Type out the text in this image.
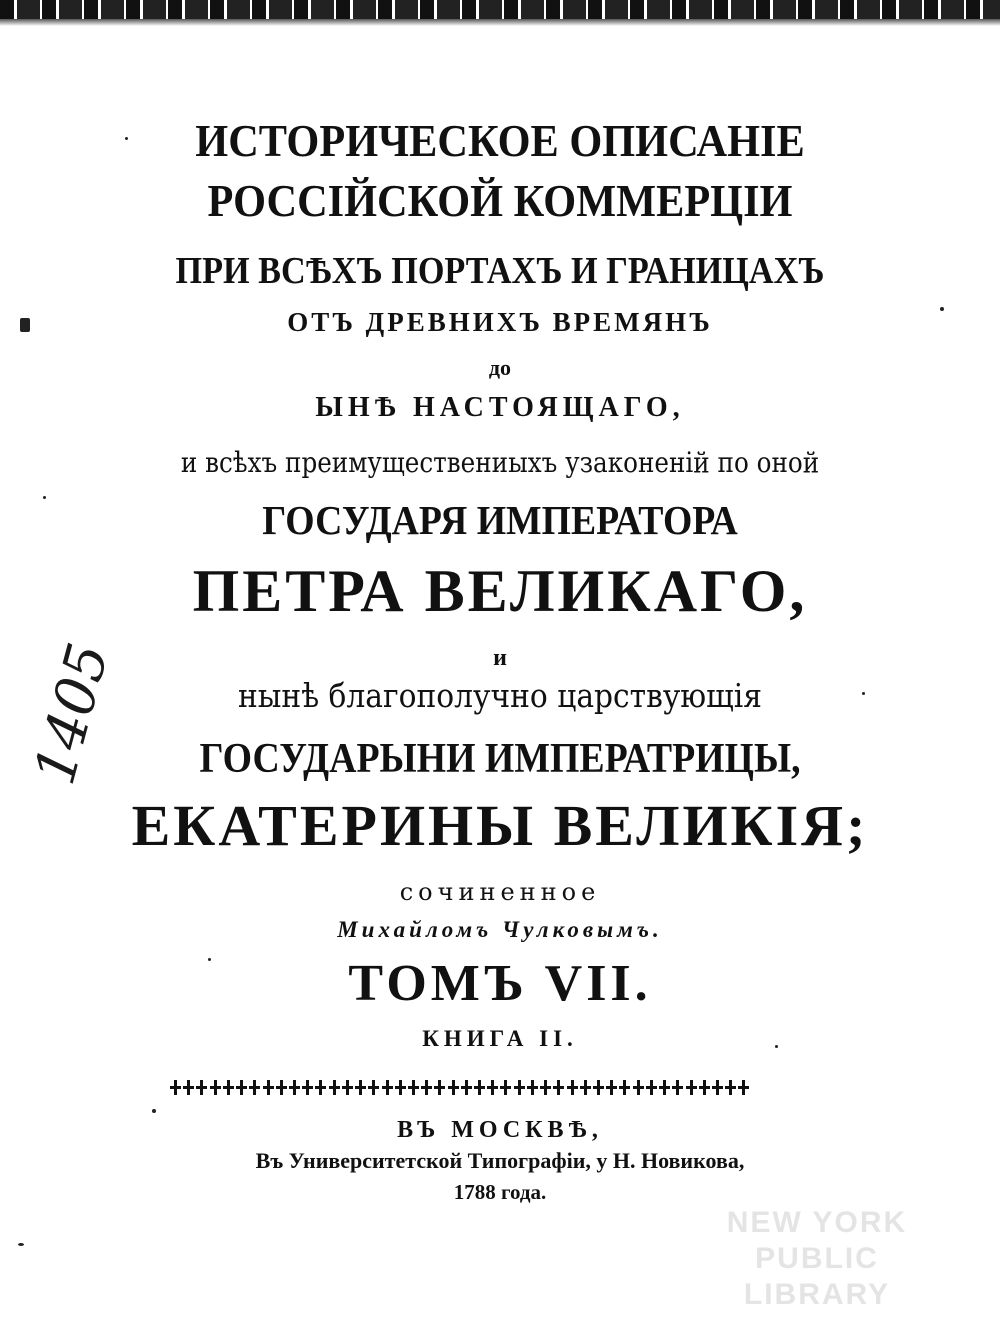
ИСТОРИЧЕСКОЕ ОПИСАНІЕ
РОССІЙСКОЙ КОММЕРЦІИ
ПРИ ВСѢХЪ ПОРТАХЪ И ГРАНИЦАХЪ
ОТЪ ДРЕВНИХЪ ВРЕМЯНЪ
до
ЫНѢ НАСТОЯЩАГО,
и всѣхъ преимуществениыхъ узаконеній по оной
ГОСУДАРЯ ИМПЕРАТОРА
ПЕТРА ВЕЛИКАГО,
и
нынѣ благополучно царствующія
ГОСУДАРЫНИ ИМПЕРАТРИЦЫ,
ЕКАТЕРИНЫ ВЕЛИКІЯ;
сочиненное
Михайломъ Чулковымъ.
ТОМЪ VII.
КНИГА II.
ВЪ МОСКВѢ,
Въ Университетской Типографіи, у Н. Новикова,
1788 года.
1405
NEW YORK
PUBLIC
LIBRARY
